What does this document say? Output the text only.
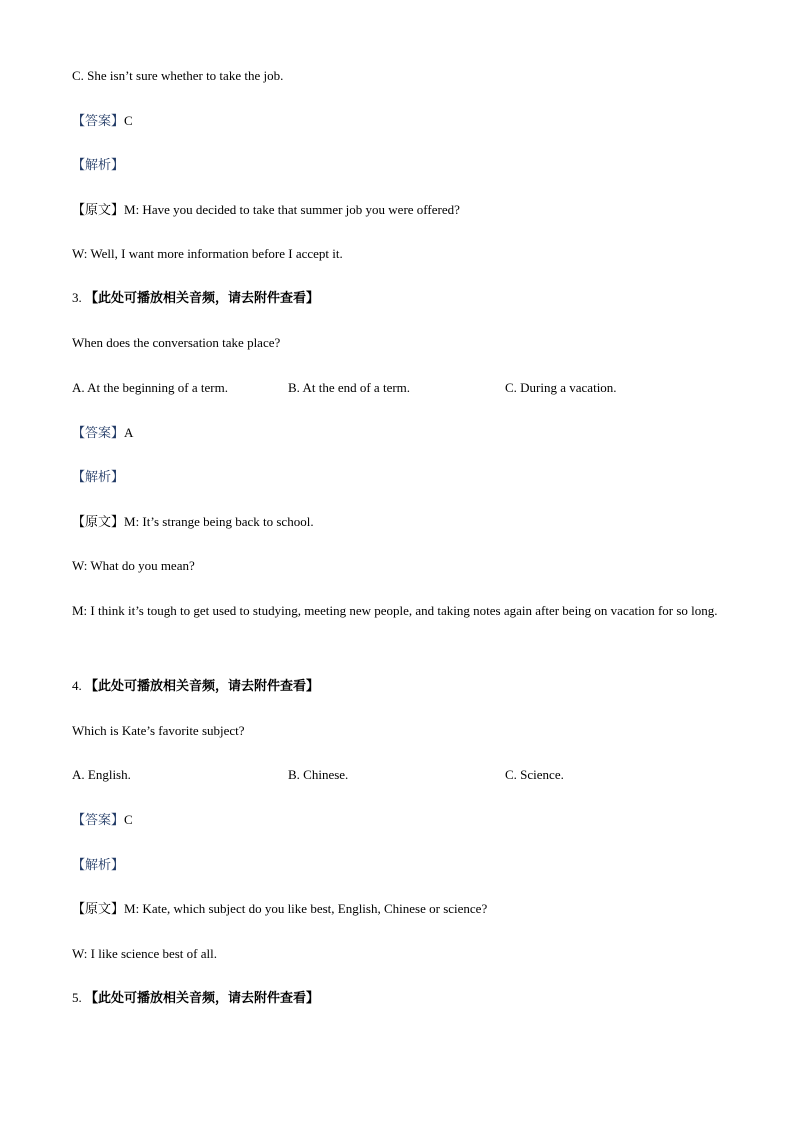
C. She isn’t sure whether to take the job.
【答案】C
【解析】
【原文】M: Have you decided to take that summer job you were offered?
W: Well, I want more information before I accept it.
3. 【此处可播放相关音频，请去附件查看】
When does the conversation take place?
A. At the beginning of a term.	B. At the end of a term.	C. During a vacation.
【答案】A
【解析】
【原文】M: It’s strange being back to school.
W: What do you mean?
M: I think it’s tough to get used to studying, meeting new people, and taking notes again after being on vacation for so long.
4. 【此处可播放相关音频，请去附件查看】
Which is Kate’s favorite subject?
A. English.	B. Chinese.	C. Science.
【答案】C
【解析】
【原文】M: Kate, which subject do you like best, English, Chinese or science?
W: I like science best of all.
5. 【此处可播放相关音频，请去附件查看】
